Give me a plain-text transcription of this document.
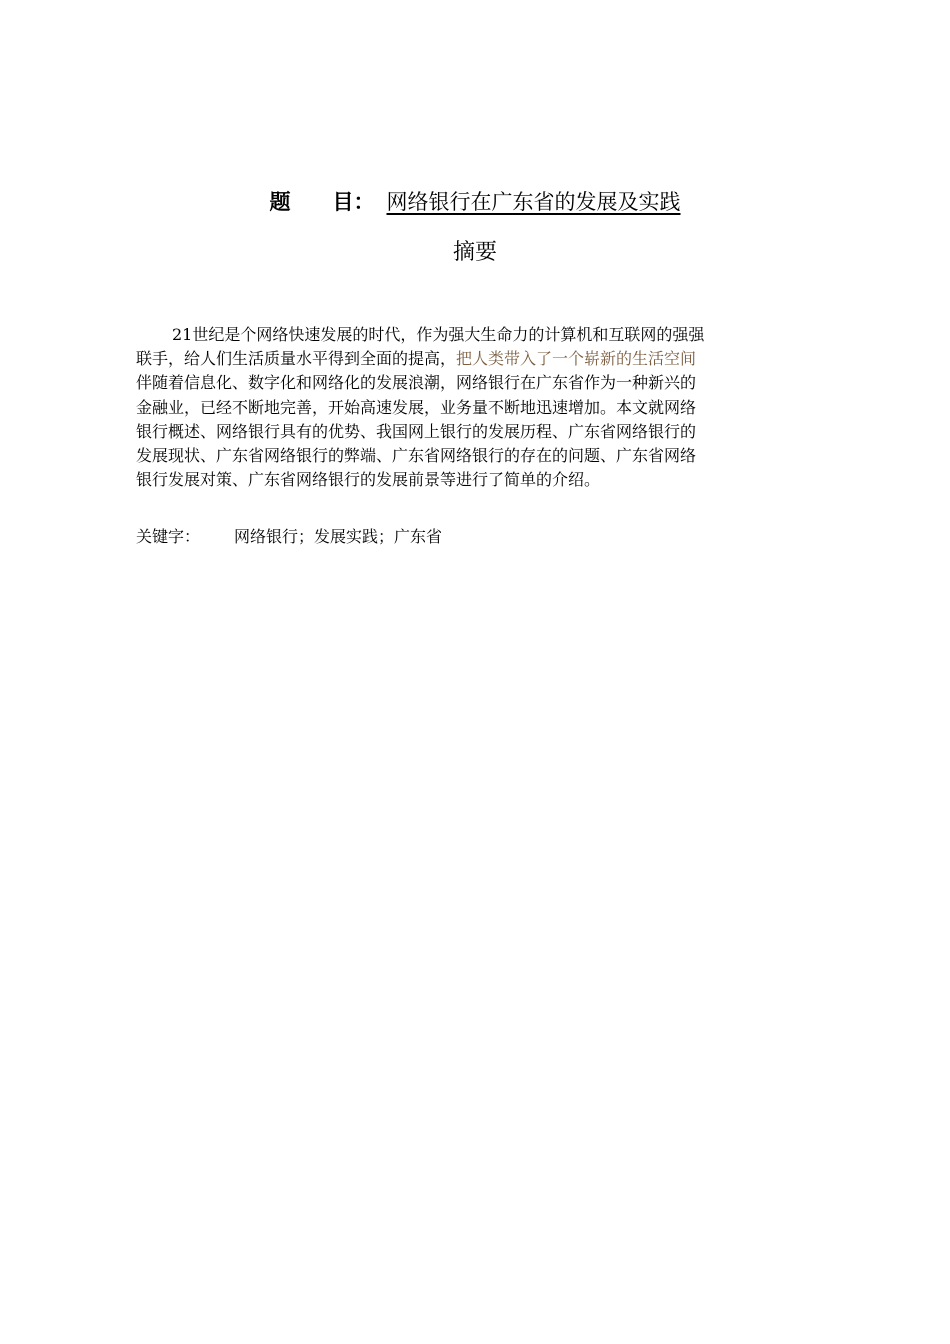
题　　目： 网络银行在广东省的发展及实践
摘要
21世纪是个网络快速发展的时代，作为强大生命力的计算机和互联网的强强
联手，给人们生活质量水平得到全面的提高，把人类带入了一个崭新的生活空间
伴随着信息化、数字化和网络化的发展浪潮，网络银行在广东省作为一种新兴的
金融业，已经不断地完善，开始高速发展，业务量不断地迅速增加。本文就网络
银行概述、网络银行具有的优势、我国网上银行的发展历程、广东省网络银行的
发展现状、广东省网络银行的弊端、广东省网络银行的存在的问题、广东省网络
银行发展对策、广东省网络银行的发展前景等进行了简单的介绍。
关键字： 网络银行；发展实践；广东省
